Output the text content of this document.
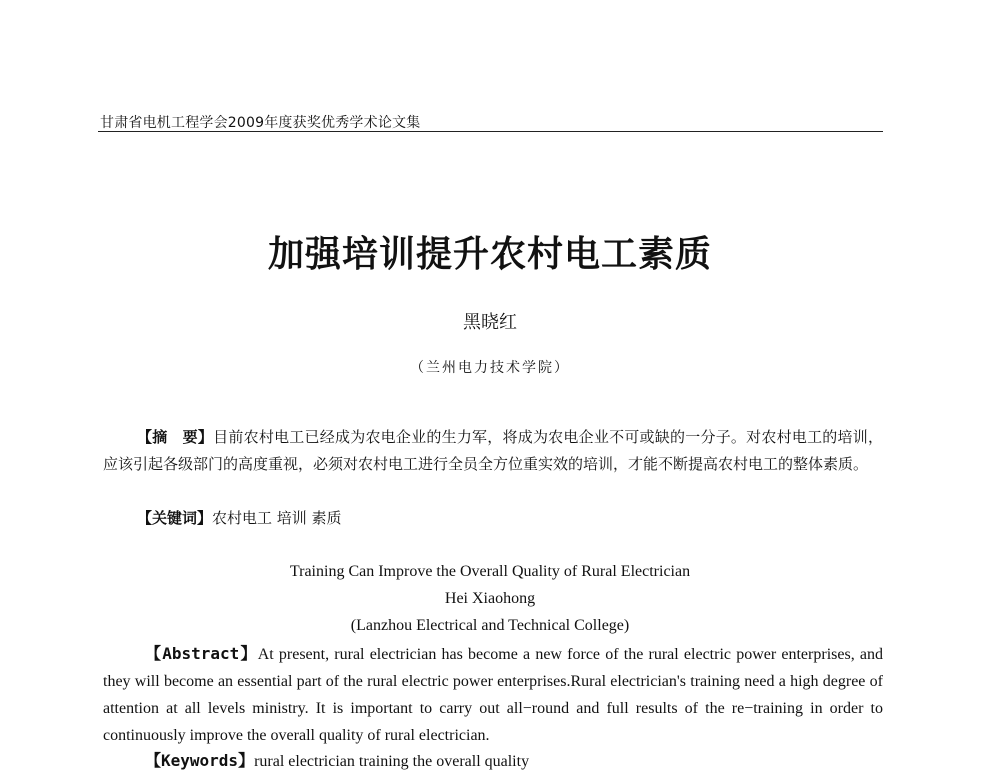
甘肃省电机工程学会2009年度获奖优秀学术论文集
加强培训提升农村电工素质
黑晓红
（兰州电力技术学院）
【摘　要】目前农村电工已经成为农电企业的生力军，将成为农电企业不可或缺的一分子。对农村电工的培训，应该引起各级部门的高度重视，必须对农村电工进行全员全方位重实效的培训，才能不断提高农村电工的整体素质。
【关键词】农村电工 培训 素质
Training Can Improve the Overall Quality of Rural Electrician
Hei Xiaohong
(Lanzhou Electrical and Technical College)
【Abstract】At present, rural electrician has become a new force of the rural electric power enterprises, and they will become an essential part of the rural electric power enterprises.Rural electrician's training need a high degree of attention at all levels ministry. It is important to carry out all−round and full results of the re−training in order to continuously improve the overall quality of rural electrician.
【Keywords】rural electrician training the overall quality
